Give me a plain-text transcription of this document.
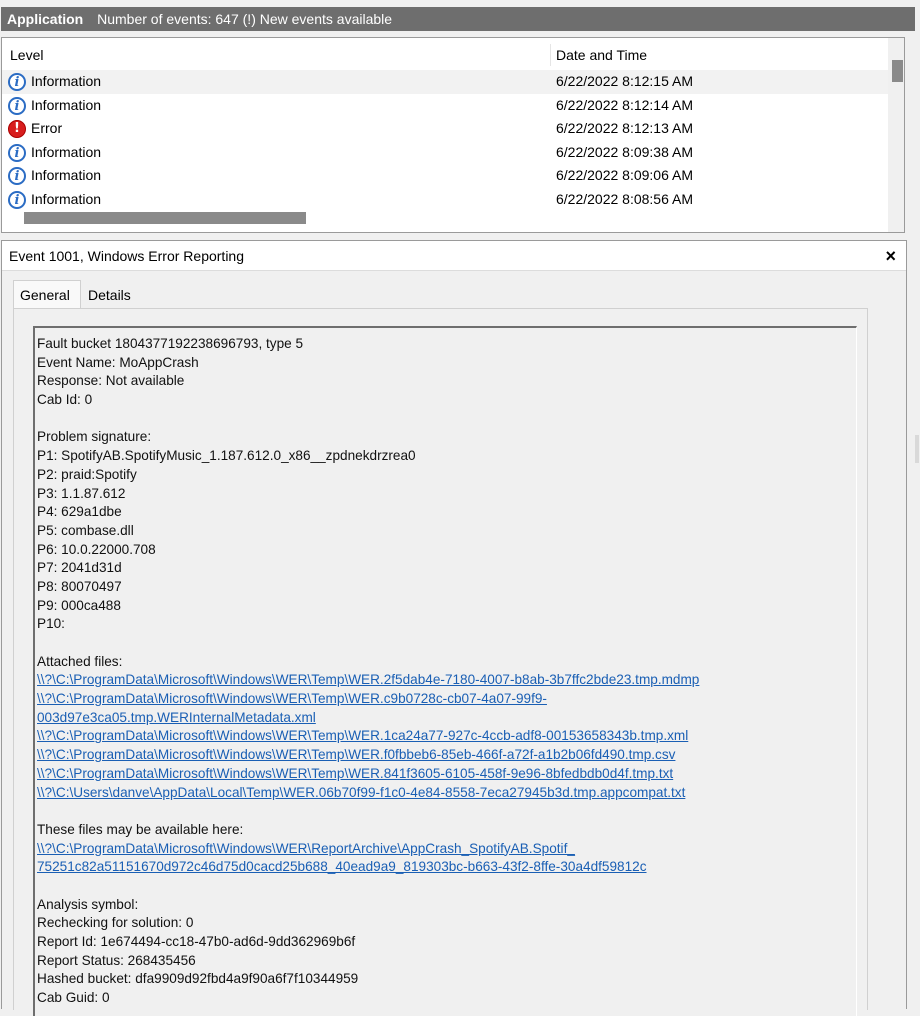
Application Number of events: 647 (!) New events available
Level	Date and Time
i Information	6/22/2022 8:12:15 AM
i Information	6/22/2022 8:12:14 AM
! Error	6/22/2022 8:12:13 AM
i Information	6/22/2022 8:09:38 AM
i Information	6/22/2022 8:09:06 AM
i Information	6/22/2022 8:08:56 AM
Event 1001, Windows Error Reporting	×
General	Details
Fault bucket 1804377192238696793, type 5
Event Name: MoAppCrash
Response: Not available
Cab Id: 0
Problem signature:
P1: SpotifyAB.SpotifyMusic_1.187.612.0_x86__zpdnekdrzrea0
P2: praid:Spotify
P3: 1.1.87.612
P4: 629a1dbe
P5: combase.dll
P6: 10.0.22000.708
P7: 2041d31d
P8: 80070497
P9: 000ca488
P10:
Attached files:
\\?\C:\ProgramData\Microsoft\Windows\WER\Temp\WER.2f5dab4e-7180-4007-b8ab-3b7ffc2bde23.tmp.mdmp
\\?\C:\ProgramData\Microsoft\Windows\WER\Temp\WER.c9b0728c-cb07-4a07-99f9-
003d97e3ca05.tmp.WERInternalMetadata.xml
\\?\C:\ProgramData\Microsoft\Windows\WER\Temp\WER.1ca24a77-927c-4ccb-adf8-00153658343b.tmp.xml
\\?\C:\ProgramData\Microsoft\Windows\WER\Temp\WER.f0fbbeb6-85eb-466f-a72f-a1b2b06fd490.tmp.csv
\\?\C:\ProgramData\Microsoft\Windows\WER\Temp\WER.841f3605-6105-458f-9e96-8bfedbdb0d4f.tmp.txt
\\?\C:\Users\danve\AppData\Local\Temp\WER.06b70f99-f1c0-4e84-8558-7eca27945b3d.tmp.appcompat.txt
These files may be available here:
\\?\C:\ProgramData\Microsoft\Windows\WER\ReportArchive\AppCrash_SpotifyAB.Spotif_
75251c82a51151670d972c46d75d0cacd25b688_40ead9a9_819303bc-b663-43f2-8ffe-30a4df59812c
Analysis symbol:
Rechecking for solution: 0
Report Id: 1e674494-cc18-47b0-ad6d-9dd362969b6f
Report Status: 268435456
Hashed bucket: dfa9909d92fbd4a9f90a6f7f10344959
Cab Guid: 0
